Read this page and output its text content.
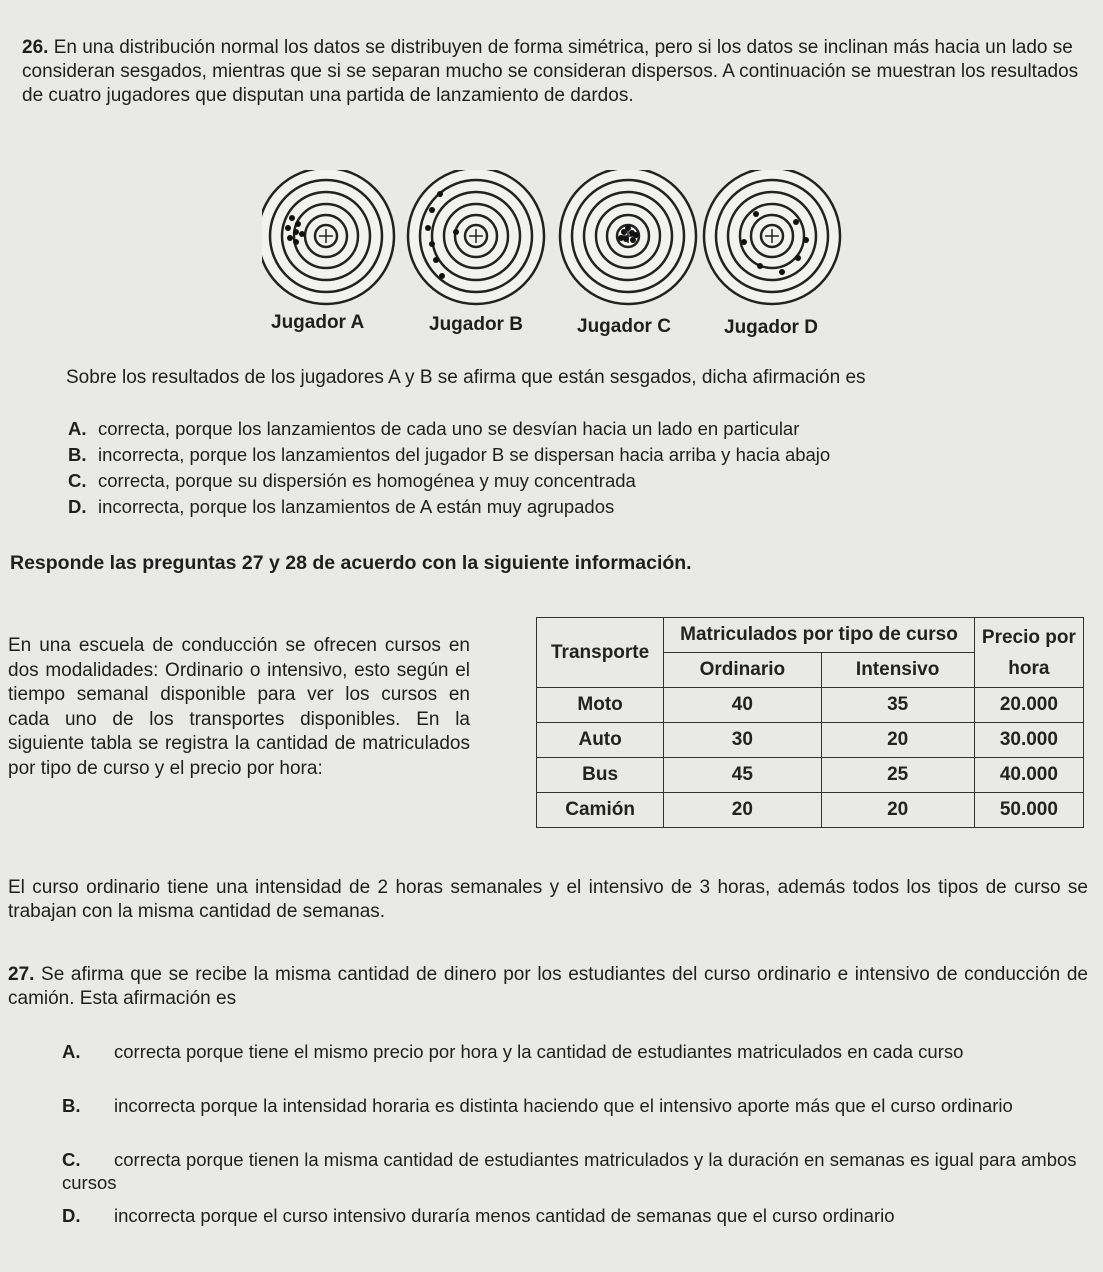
26. En una distribución normal los datos se distribuyen de forma simétrica, pero si los datos se inclinan más hacia un lado se consideran sesgados, mientras que si se separan mucho se consideran dispersos. A continuación se muestran los resultados de cuatro jugadores que disputan una partida de lanzamiento de dardos.
Jugador A	Jugador B	Jugador C	Jugador D
Sobre los resultados de los jugadores A y B se afirma que están sesgados, dicha afirmación es
A. correcta, porque los lanzamientos de cada uno se desvían hacia un lado en particular
B. incorrecta, porque los lanzamientos del jugador B se dispersan hacia arriba y hacia abajo
C. correcta, porque su dispersión es homogénea y muy concentrada
D. incorrecta, porque los lanzamientos de A están muy agrupados
Responde las preguntas 27 y 28 de acuerdo con la siguiente información.
En una escuela de conducción se ofrecen cursos en dos modalidades: Ordinario o intensivo, esto según el tiempo semanal disponible para ver los cursos en cada uno de los transportes disponibles. En la siguiente tabla se registra la cantidad de matriculados por tipo de curso y el precio por hora:
Transporte	Matriculados por tipo de curso		Precio por hora
	Ordinario	Intensivo	
Moto	40	35	20.000
Auto	30	20	30.000
Bus	45	25	40.000
Camión	20	20	50.000
El curso ordinario tiene una intensidad de 2 horas semanales y el intensivo de 3 horas, además todos los tipos de curso se trabajan con la misma cantidad de semanas.
27. Se afirma que se recibe la misma cantidad de dinero por los estudiantes del curso ordinario e intensivo de conducción de camión. Esta afirmación es
A. correcta porque tiene el mismo precio por hora y la cantidad de estudiantes matriculados en cada curso
B. incorrecta porque la intensidad horaria es distinta haciendo que el intensivo aporte más que el curso ordinario
C. correcta porque tienen la misma cantidad de estudiantes matriculados y la duración en semanas es igual para ambos cursos
D. incorrecta porque el curso intensivo duraría menos cantidad de semanas que el curso ordinario
